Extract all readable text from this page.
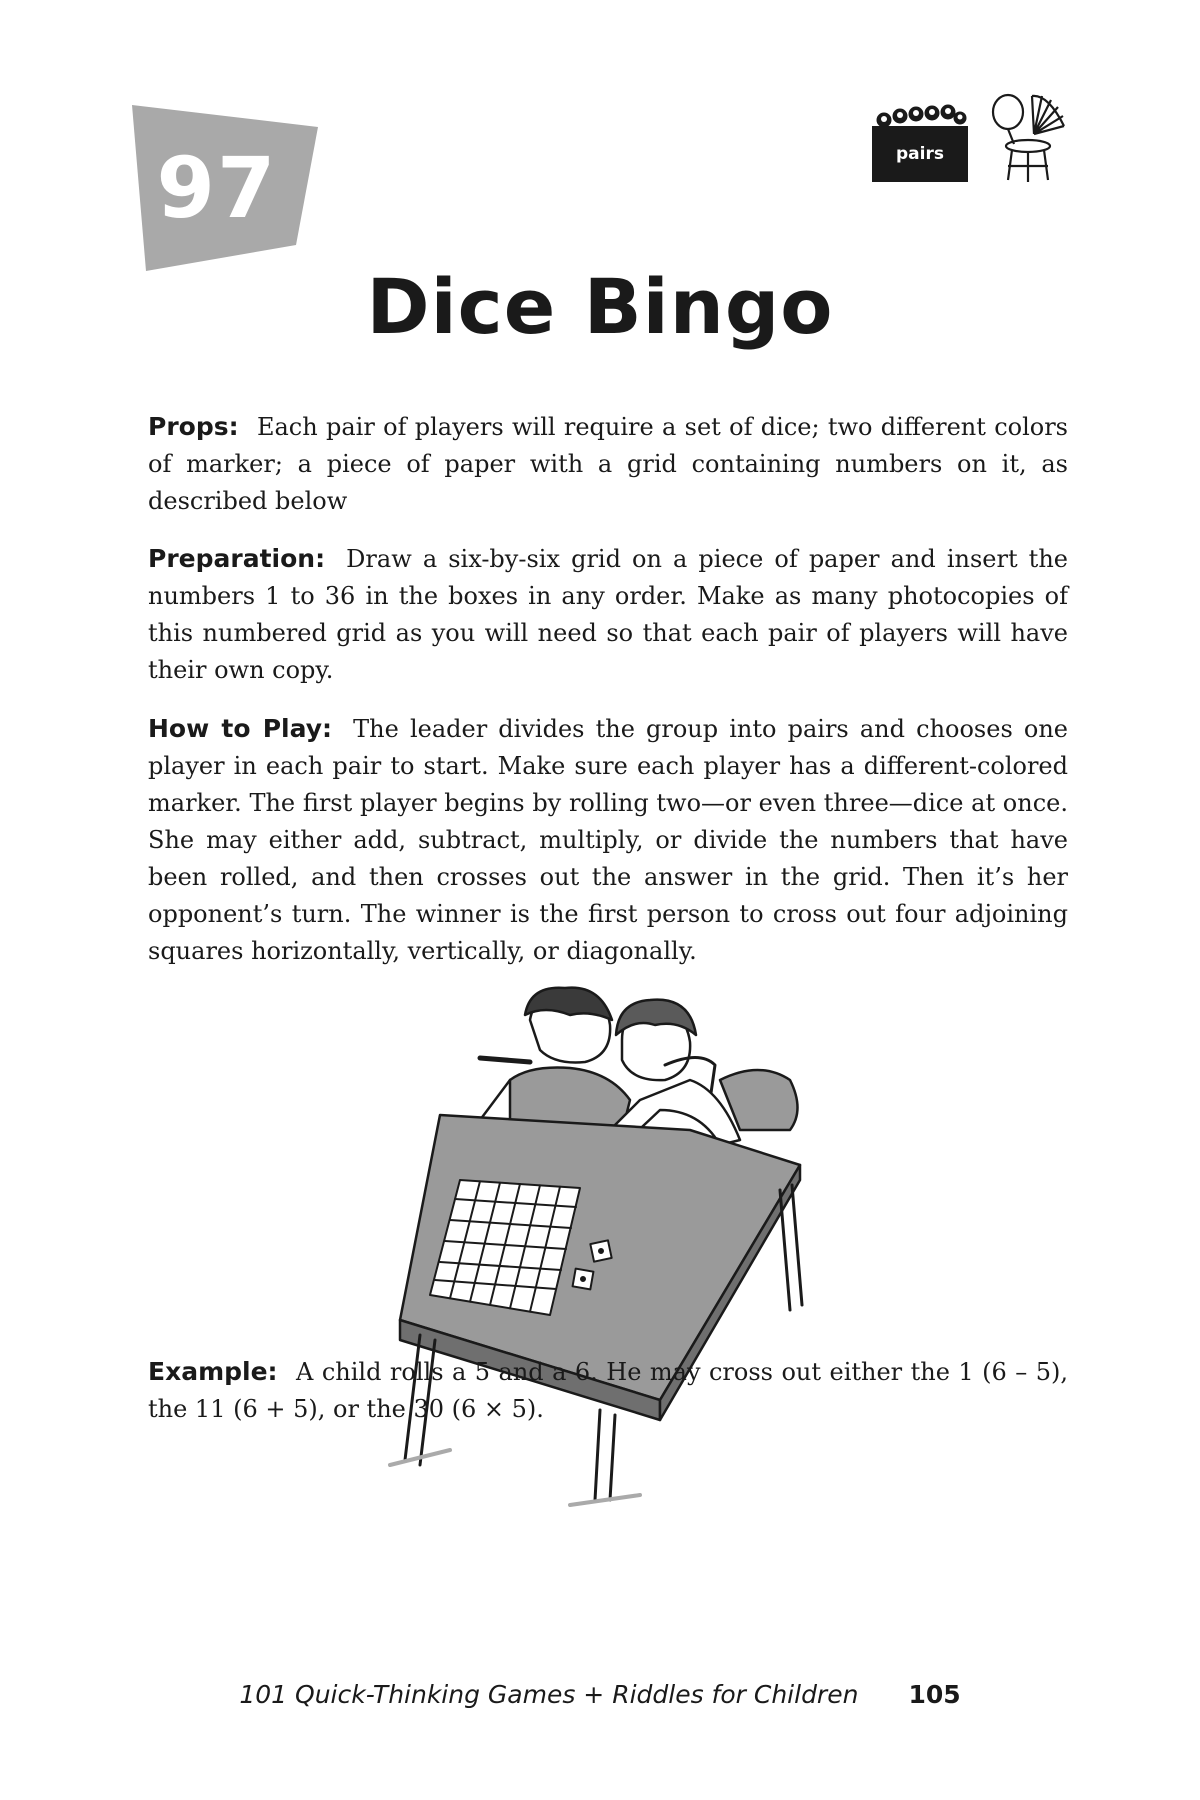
97	pairs
Dice Bingo
Props: Each pair of players will require a set of dice; two different colors of marker; a piece of paper with a grid containing numbers on it, as described below
Preparation: Draw a six-by-six grid on a piece of paper and insert the numbers 1 to 36 in the boxes in any order. Make as many photocopies of this numbered grid as you will need so that each pair of players will have their own copy.
How to Play: The leader divides the group into pairs and chooses one player in each pair to start. Make sure each player has a different-colored marker. The first player begins by rolling two—or even three—dice at once. She may either add, subtract, multiply, or divide the numbers that have been rolled, and then crosses out the answer in the grid. Then it’s her opponent’s turn. The winner is the first person to cross out four adjoining squares horizontally, vertically, or diagonally.
Example: A child rolls a 5 and a 6. He may cross out either the 1 (6 – 5), the 11 (6 + 5), or the 30 (6 × 5).
101 Quick-Thinking Games + Riddles for Children 105
